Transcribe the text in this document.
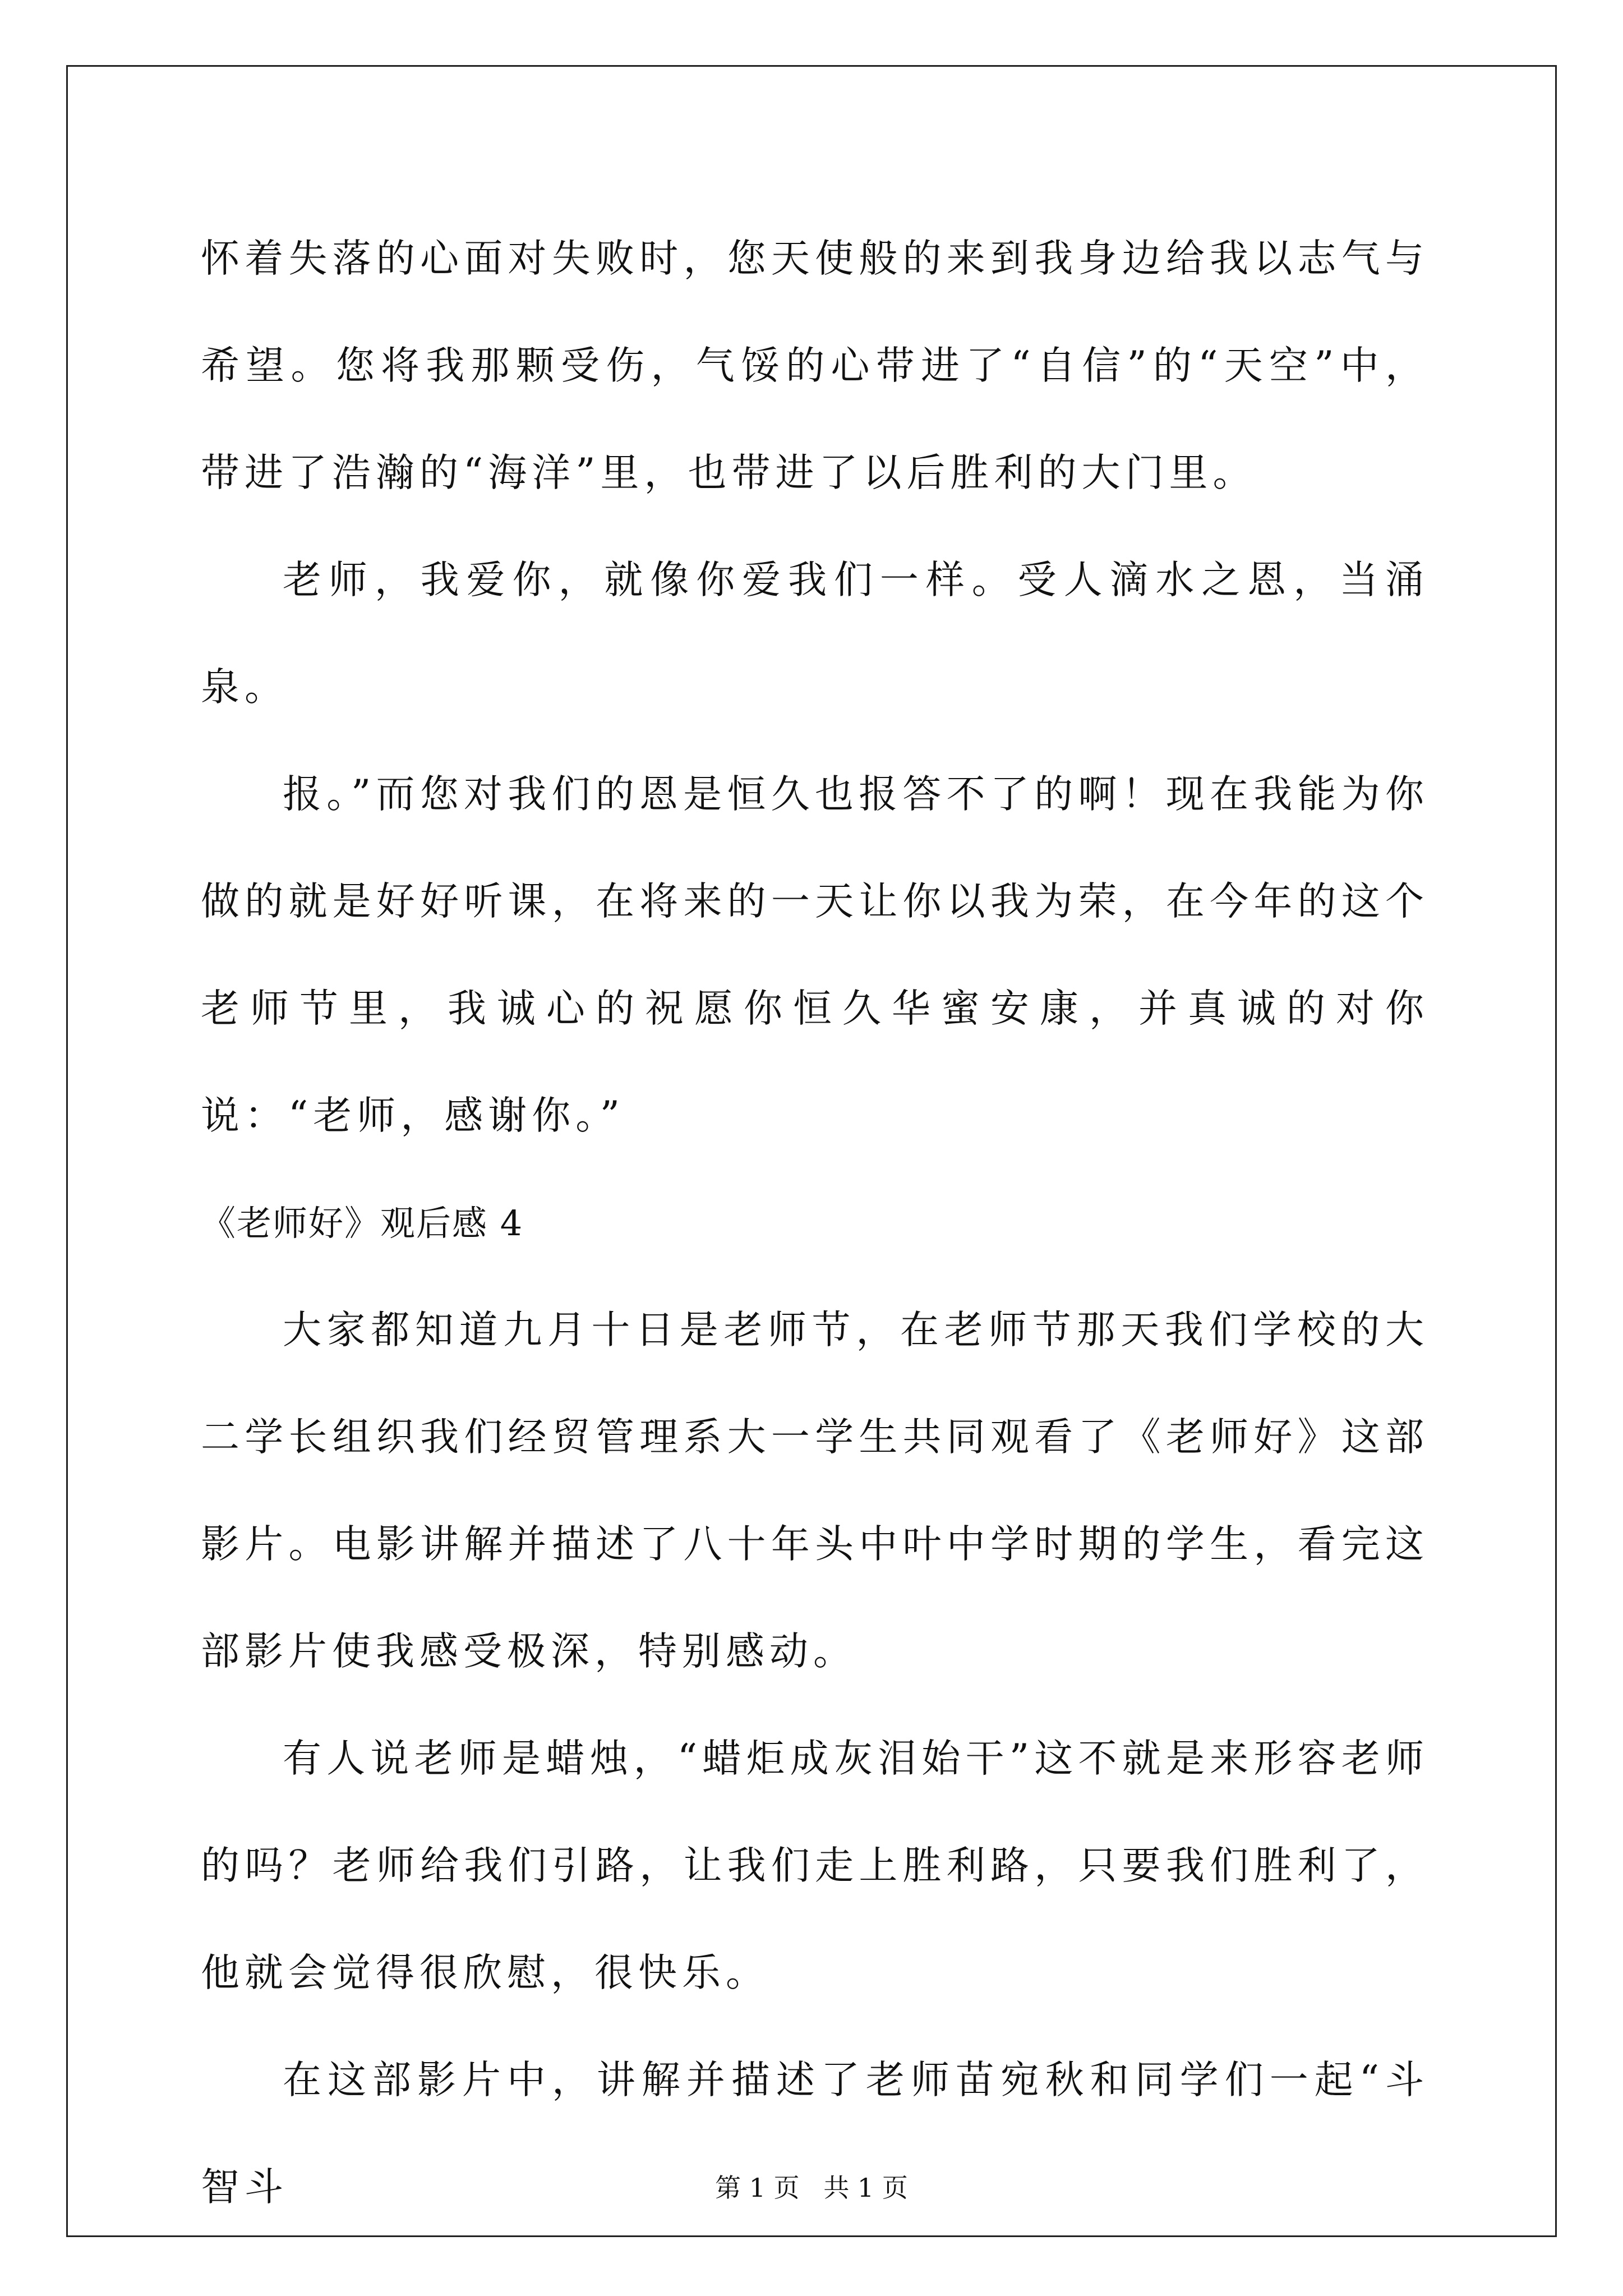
怀着失落的心面对失败时，您天使般的来到我身边给我以志气与希望。您将我那颗受伤，气馁的心带进了“自信”的“天空”中，带进了浩瀚的“海洋”里，也带进了以后胜利的大门里。

老师，我爱你，就像你爱我们一样。受人滴水之恩，当涌泉。

报。”而您对我们的恩是恒久也报答不了的啊！现在我能为你做的就是好好听课，在将来的一天让你以我为荣，在今年的这个老师节里，我诚心的祝愿你恒久华蜜安康，并真诚的对你说：“老师，感谢你。”

《老师好》观后感 4

大家都知道九月十日是老师节，在老师节那天我们学校的大二学长组织我们经贸管理系大一学生共同观看了《老师好》这部影片。电影讲解并描述了八十年头中叶中学时期的学生，看完这部影片使我感受极深，特别感动。

有人说老师是蜡烛，“蜡炬成灰泪始干”这不就是来形容老师的吗？老师给我们引路，让我们走上胜利路，只要我们胜利了，他就会觉得很欣慰，很快乐。

在这部影片中，讲解并描述了老师苗宛秋和同学们一起“斗智斗	第 1 页 共 1 页
